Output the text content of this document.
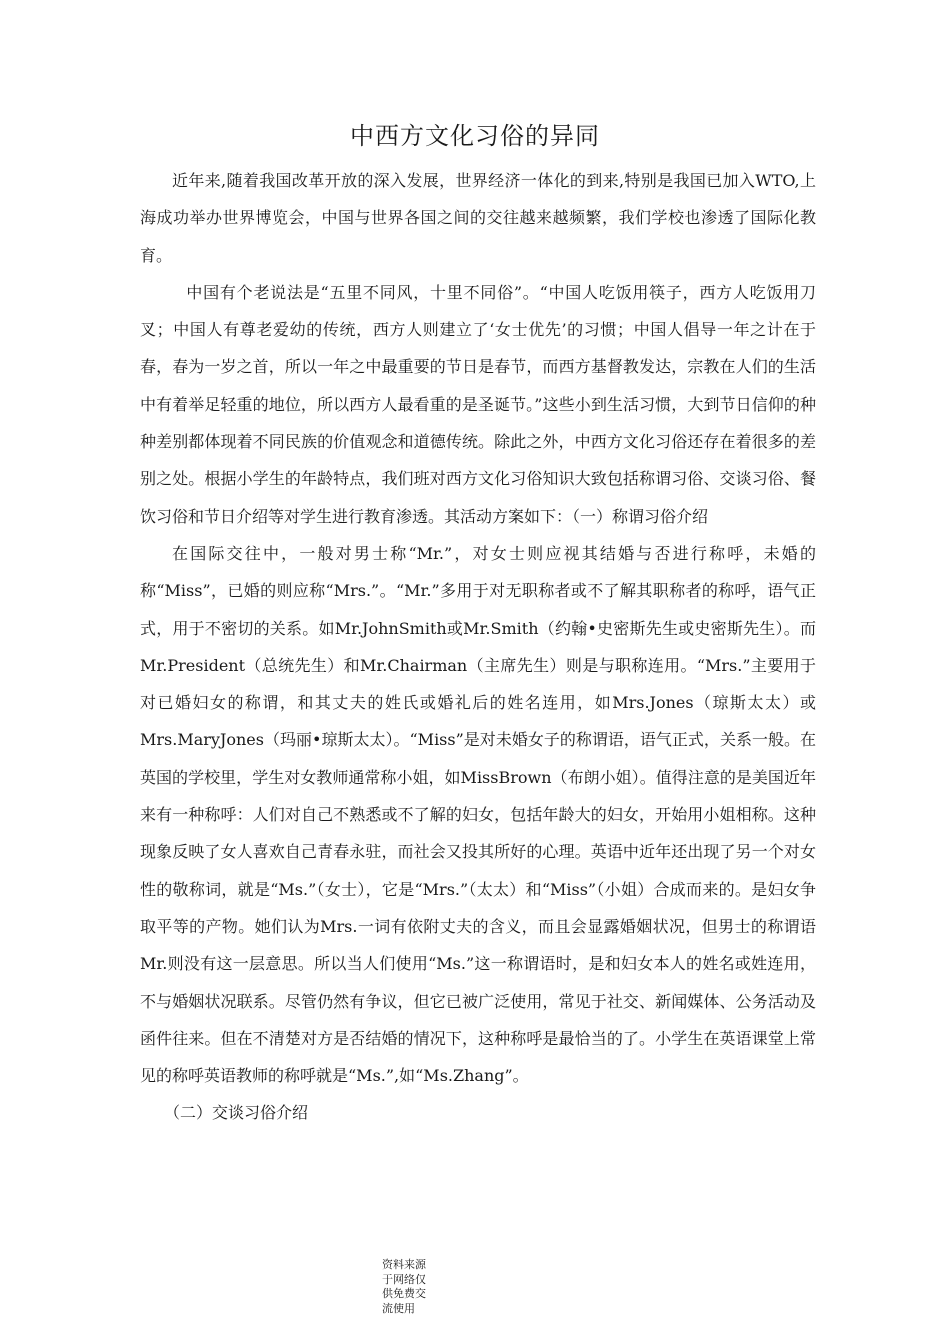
中西方文化习俗的异同

近年来,随着我国改革开放的深入发展，世界经济一体化的到来,特别是我国已加入WTO,上海成功举办世界博览会，中国与世界各国之间的交往越来越频繁，我们学校也渗透了国际化教育。

中国有个老说法是“五里不同风，十里不同俗”。“中国人吃饭用筷子，西方人吃饭用刀叉；中国人有尊老爱幼的传统，西方人则建立了‘女士优先’的习惯；中国人倡导一年之计在于春，春为一岁之首，所以一年之中最重要的节日是春节，而西方基督教发达，宗教在人们的生活中有着举足轻重的地位，所以西方人最看重的是圣诞节。”这些小到生活习惯，大到节日信仰的种种差别都体现着不同民族的价值观念和道德传统。除此之外，中西方文化习俗还存在着很多的差别之处。根据小学生的年龄特点，我们班对西方文化习俗知识大致包括称谓习俗、交谈习俗、餐饮习俗和节日介绍等对学生进行教育渗透。其活动方案如下：（一）称谓习俗介绍

在国际交往中，一般对男士称“Mr.”，对女士则应视其结婚与否进行称呼，未婚的称“Miss”，已婚的则应称“Mrs.”。“Mr.”多用于对无职称者或不了解其职称者的称呼，语气正式，用于不密切的关系。如Mr.JohnSmith或Mr.Smith（约翰•史密斯先生或史密斯先生）。而Mr.President（总统先生）和Mr.Chairman（主席先生）则是与职称连用。“Mrs.”主要用于对已婚妇女的称谓，和其丈夫的姓氏或婚礼后的姓名连用，如Mrs.Jones（琼斯太太）或Mrs.MaryJones（玛丽•琼斯太太）。“Miss”是对未婚女子的称谓语，语气正式，关系一般。在英国的学校里，学生对女教师通常称小姐，如MissBrown（布朗小姐）。值得注意的是美国近年来有一种称呼：人们对自己不熟悉或不了解的妇女，包括年龄大的妇女，开始用小姐相称。这种现象反映了女人喜欢自己青春永驻，而社会又投其所好的心理。英语中近年还出现了另一个对女性的敬称词，就是“Ms.”（女士），它是“Mrs.”（太太）和“Miss”（小姐）合成而来的。是妇女争取平等的产物。她们认为Mrs.一词有依附丈夫的含义，而且会显露婚姻状况，但男士的称谓语Mr.则没有这一层意思。所以当人们使用“Ms.”这一称谓语时，是和妇女本人的姓名或姓连用，不与婚姻状况联系。尽管仍然有争议，但它已被广泛使用，常见于社交、新闻媒体、公务活动及函件往来。但在不清楚对方是否结婚的情况下，这种称呼是最恰当的了。小学生在英语课堂上常见的称呼英语教师的称呼就是“Ms.”,如“Ms.Zhang”。

（二）交谈习俗介绍

资料来源于网络仅供免费交流使用
